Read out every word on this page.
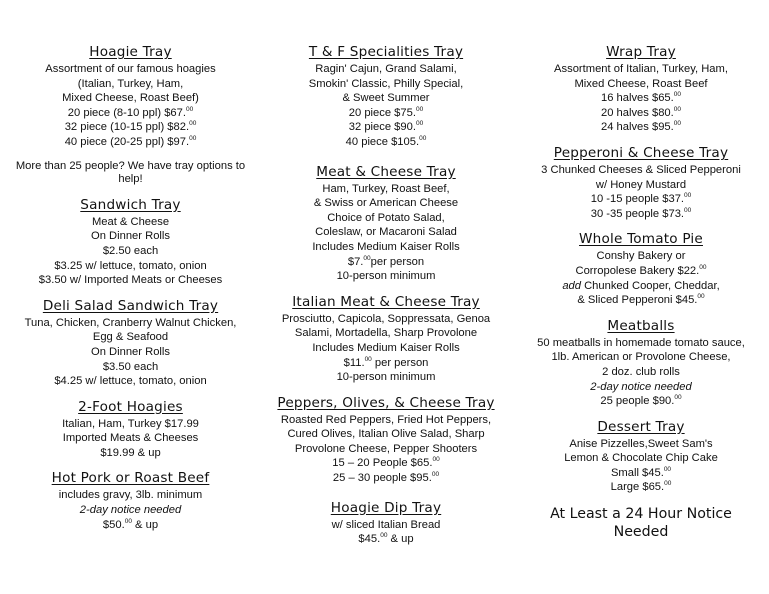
Hoagie Tray
Assortment of our famous hoagies
(Italian, Turkey, Ham,
Mixed Cheese, Roast Beef)
20 piece (8-10 ppl) $67.00
32 piece (10-15 ppl) $82.00
40 piece (20-25 ppl) $97.00
More than 25 people? We have tray options to help!
Sandwich Tray
Meat & Cheese
On Dinner Rolls
$2.50 each
$3.25 w/ lettuce, tomato, onion
$3.50 w/ Imported Meats or Cheeses
Deli Salad Sandwich Tray
Tuna, Chicken, Cranberry Walnut Chicken,
Egg & Seafood
On Dinner Rolls
$3.50 each
$4.25 w/ lettuce, tomato, onion
2-Foot Hoagies
Italian, Ham, Turkey $17.99
Imported Meats & Cheeses
$19.99 & up
Hot Pork or Roast Beef
includes gravy, 3lb. minimum
2-day notice needed
$50.00 & up
T & F Specialities Tray
Ragin' Cajun, Grand Salami,
Smokin' Classic, Philly Special,
& Sweet Summer
20 piece $75.00
32 piece $90.00
40 piece $105.00
Meat & Cheese Tray
Ham, Turkey, Roast Beef,
& Swiss or American Cheese
Choice of Potato Salad,
Coleslaw, or Macaroni Salad
Includes Medium Kaiser Rolls
$7.00per person
10-person minimum
Italian Meat & Cheese Tray
Prosciutto, Capicola, Soppressata, Genoa
Salami, Mortadella, Sharp Provolone
Includes Medium Kaiser Rolls
$11.00 per person
10-person minimum
Peppers, Olives, & Cheese Tray
Roasted Red Peppers, Fried Hot Peppers,
Cured Olives, Italian Olive Salad, Sharp
Provolone Cheese, Pepper Shooters
15 – 20 People $65.00
25 – 30 people $95.00
Hoagie Dip Tray
w/ sliced Italian Bread
$45.00 & up
Wrap Tray
Assortment of Italian, Turkey, Ham,
Mixed Cheese, Roast Beef
16 halves $65.00
20 halves $80.00
24 halves $95.00
Pepperoni & Cheese Tray
3 Chunked Cheeses & Sliced Pepperoni
w/ Honey Mustard
10 -15 people $37.00
30 -35 people $73.00
Whole Tomato Pie
Conshy Bakery or
Corropolese Bakery $22.00
add Chunked Cooper, Cheddar,
& Sliced Pepperoni $45.00
Meatballs
50 meatballs in homemade tomato sauce,
1lb. American or Provolone Cheese,
2 doz. club rolls
2-day notice needed
25 people $90.00
Dessert Tray
Anise Pizzelles,Sweet Sam's
Lemon & Chocolate Chip Cake
Small $45.00
Large $65.00
At Least a 24 Hour Notice Needed
